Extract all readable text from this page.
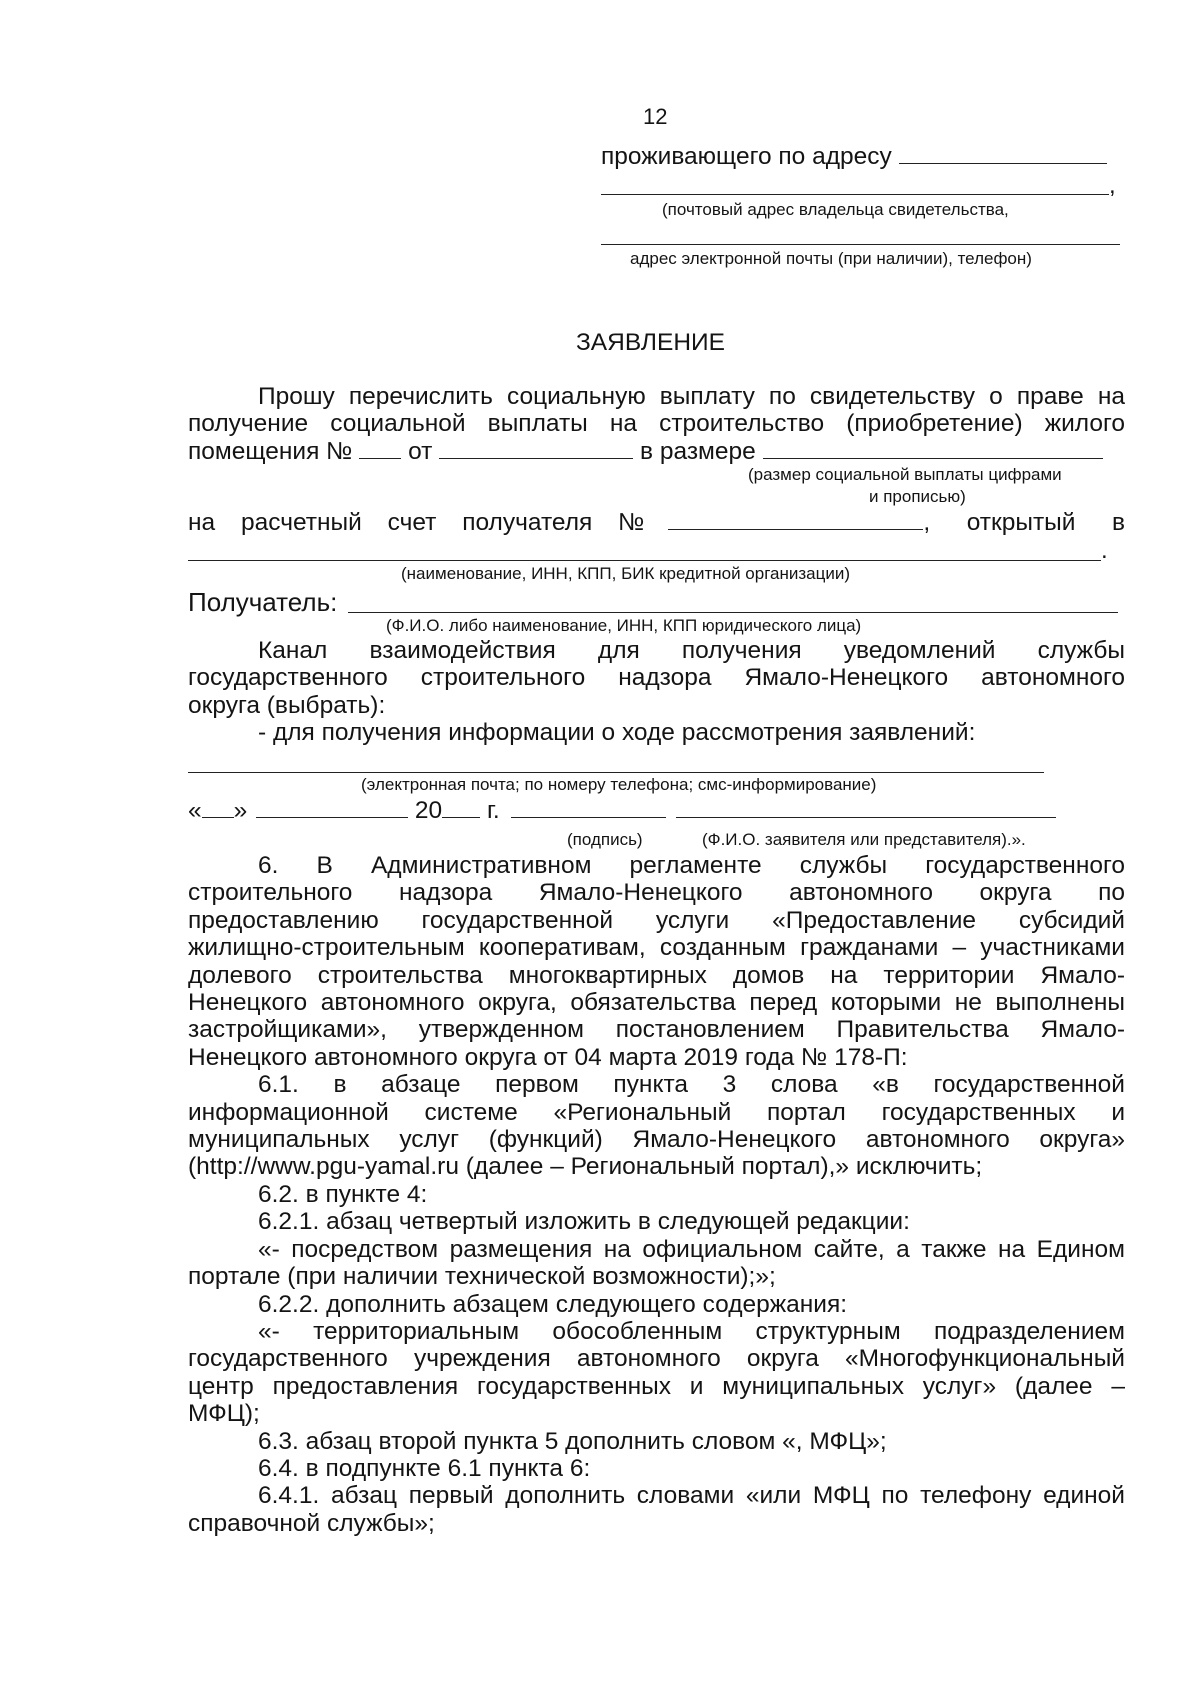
12
проживающего по адресу
,
(почтовый адрес владельца свидетельства,
адрес электронной почты (при наличии), телефон)
ЗАЯВЛЕНИЕ
Прошу перечислить социальную выплату по свидетельству о праве на
получение социальной выплаты на строительство (приобретение) жилого
помещения № от	в размере
(размер социальной выплаты цифрами
и прописью)
на расчетный счет получателя №	, открытый в
.
(наименование, ИНН, КПП, БИК кредитной организации)
Получатель:
(Ф.И.О. либо наименование, ИНН, КПП юридического лица)
Канал взаимодействия для получения уведомлений службы
государственного строительного надзора Ямало-Ненецкого автономного
округа (выбрать):
- для получения информации о ходе рассмотрения заявлений:
(электронная почта; по номеру телефона; смс-информирование)
« »	20 г.
(подпись)	(Ф.И.О. заявителя или представителя).».
6. В Административном регламенте службы государственного
строительного надзора Ямало-Ненецкого автономного округа по
предоставлению государственной услуги «Предоставление субсидий
жилищно-строительным кооперативам, созданным гражданами – участниками
долевого строительства многоквартирных домов на территории Ямало-
Ненецкого автономного округа, обязательства перед которыми не выполнены
застройщиками», утвержденном постановлением Правительства Ямало-
Ненецкого автономного округа от 04 марта 2019 года № 178-П:
6.1. в абзаце первом пункта 3 слова «в государственной
информационной системе «Региональный портал государственных и
муниципальных услуг (функций) Ямало-Ненецкого автономного округа»
(http://www.pgu-yamal.ru (далее – Региональный портал),» исключить;
6.2. в пункте 4:
6.2.1. абзац четвертый изложить в следующей редакции:
«- посредством размещения на официальном сайте, а также на Едином
портале (при наличии технической возможности);»;
6.2.2. дополнить абзацем следующего содержания:
«- территориальным обособленным структурным подразделением
государственного учреждения автономного округа «Многофункциональный
центр предоставления государственных и муниципальных услуг» (далее –
МФЦ);
6.3. абзац второй пункта 5 дополнить словом «, МФЦ»;
6.4. в подпункте 6.1 пункта 6:
6.4.1. абзац первый дополнить словами «или МФЦ по телефону единой
справочной службы»;
